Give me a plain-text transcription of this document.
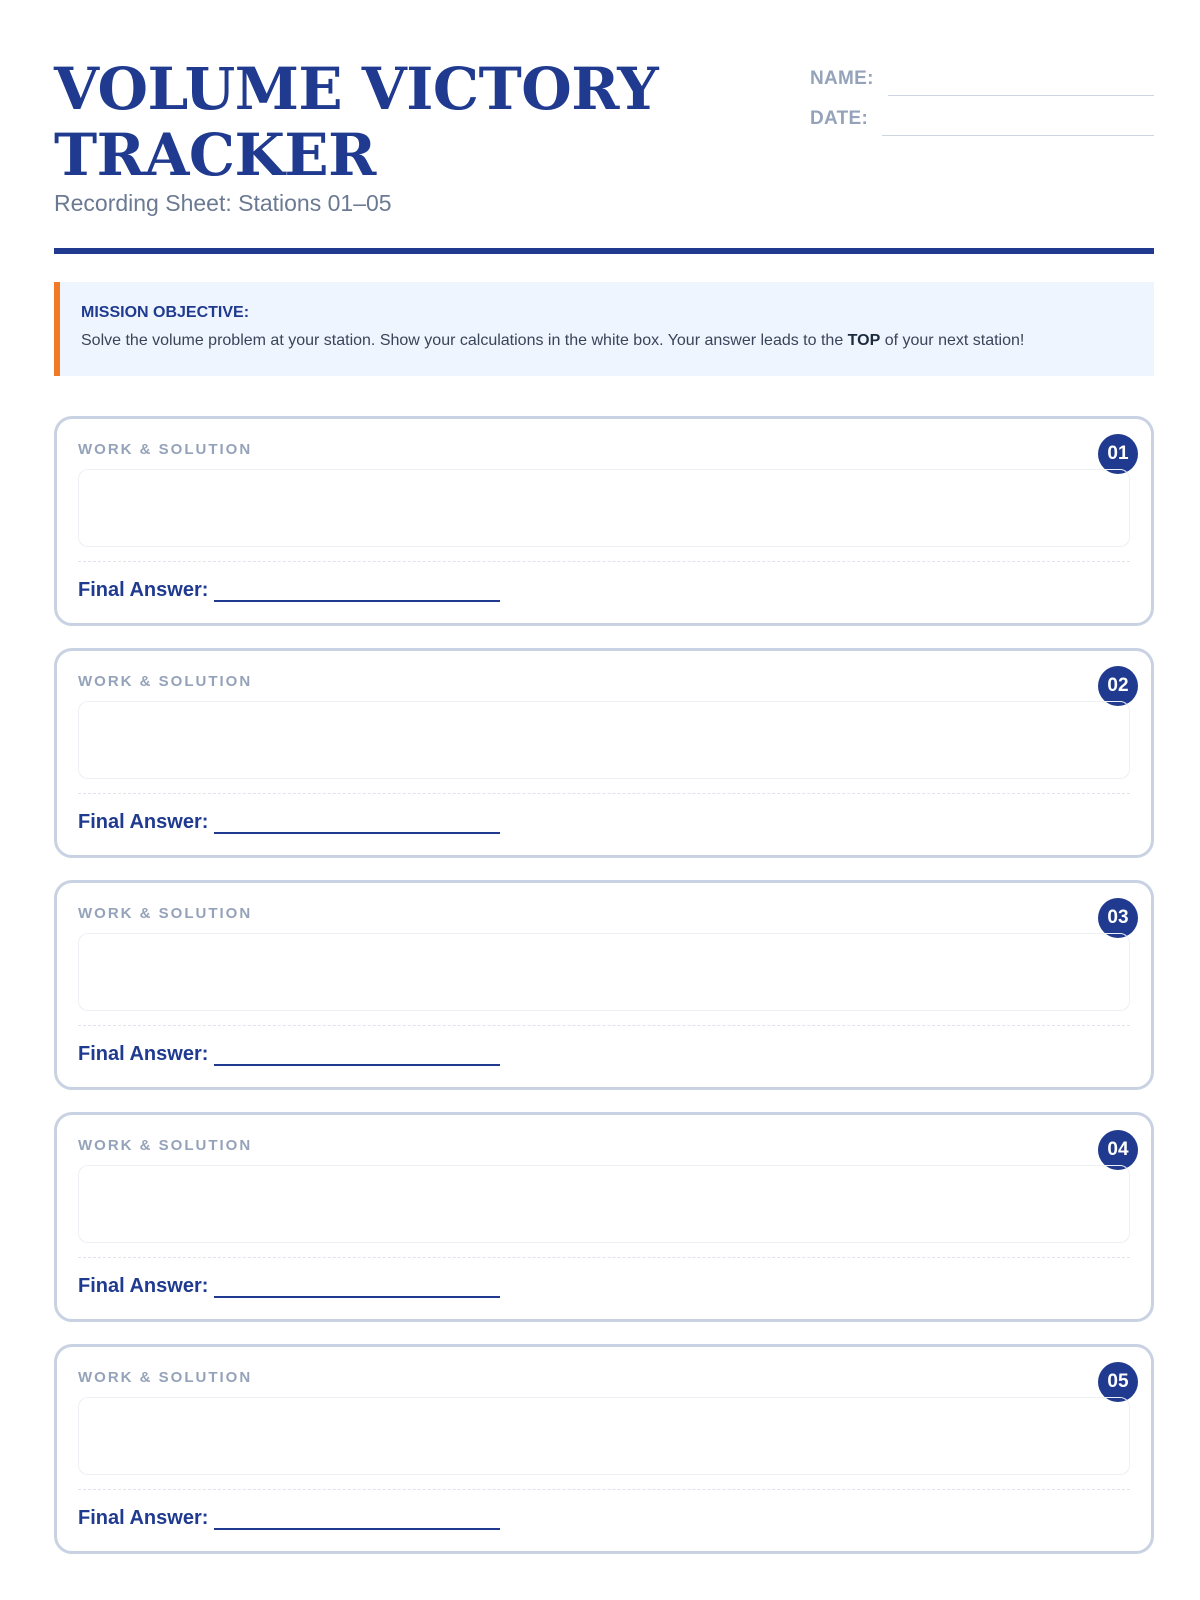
VOLUME VICTORY TRACKER

Recording Sheet: Stations 01–05

NAME:
DATE:

MISSION OBJECTIVE:

Solve the volume problem at your station. Show your calculations in the white box. Your answer leads to the TOP of your next station!

WORK & SOLUTION	01
Final Answer:
WORK & SOLUTION	02
Final Answer:
WORK & SOLUTION	03
Final Answer:
WORK & SOLUTION	04
Final Answer:
WORK & SOLUTION	05
Final Answer:
